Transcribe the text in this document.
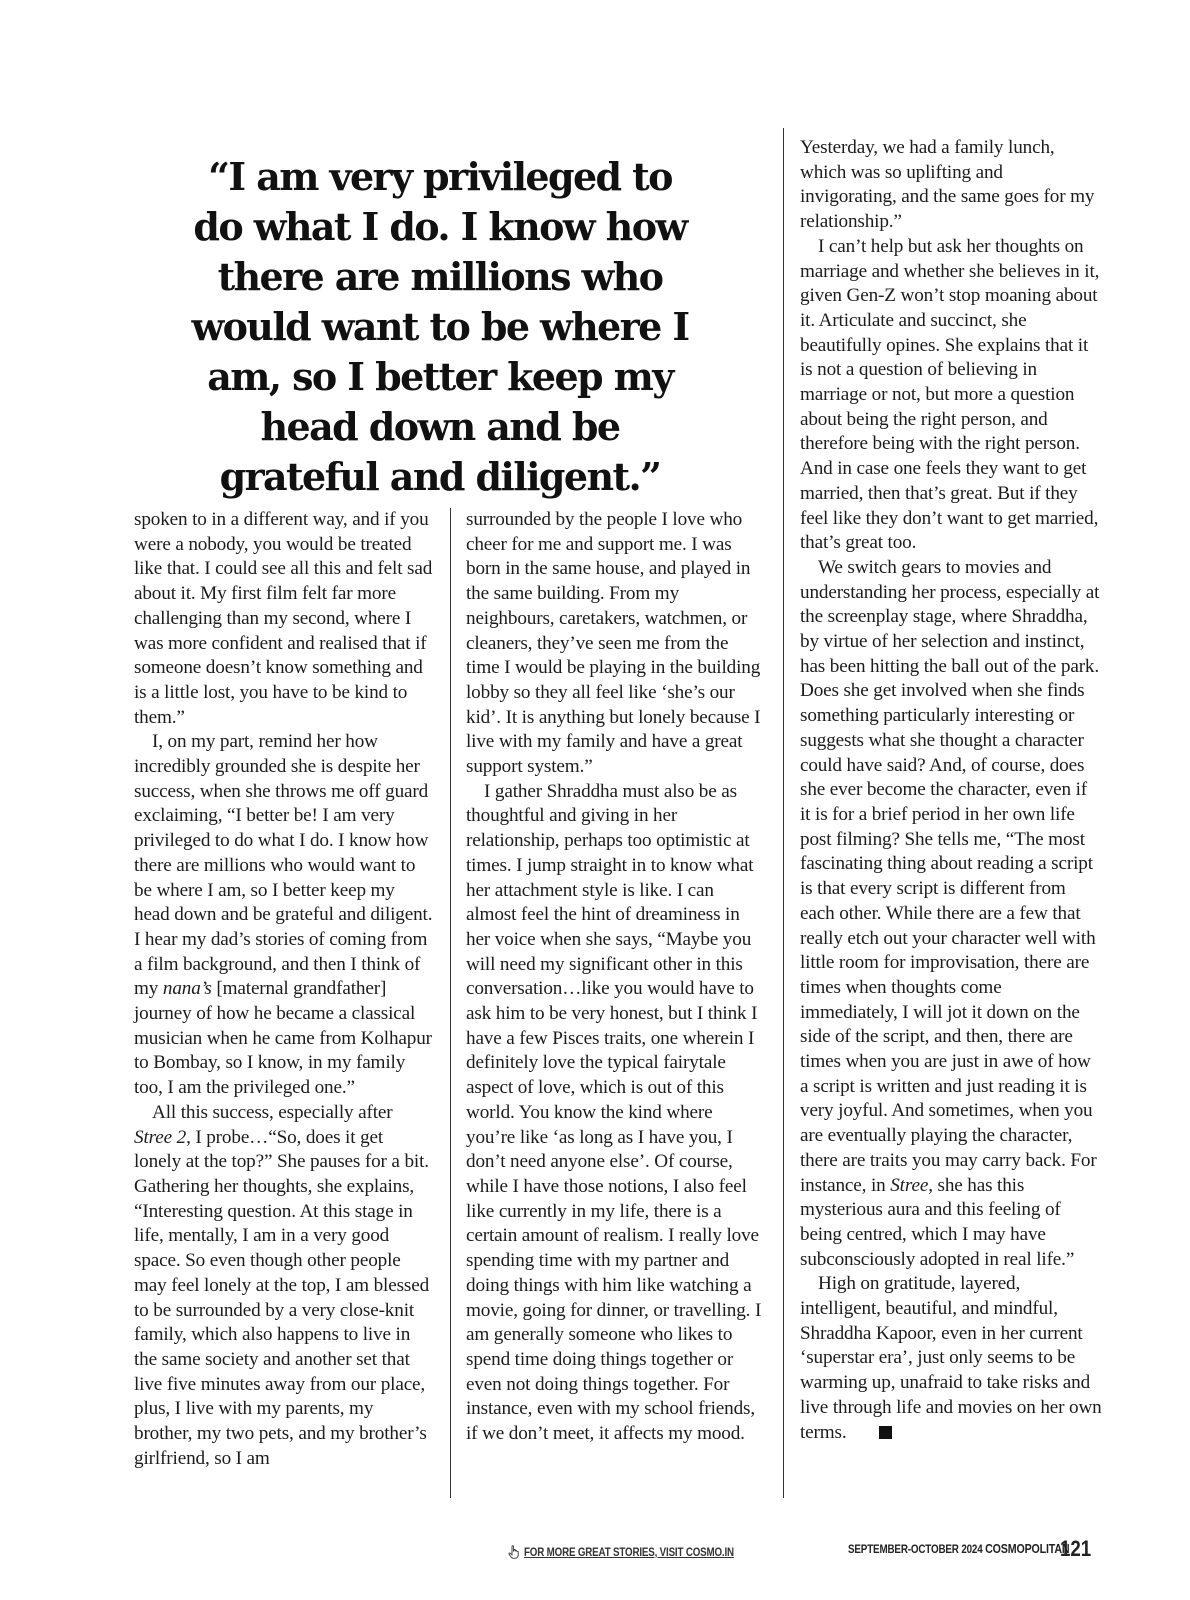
“I am very privileged to do what I do. I know how there are millions who would want to be where I am, so I better keep my head down and be grateful and diligent.”

spoken to in a different way, and if you were a nobody, you would be treated like that. I could see all this and felt sad about it. My first film felt far more challenging than my second, where I was more confident and realised that if someone doesn’t know something and is a little lost, you have to be kind to them.”

I, on my part, remind her how incredibly grounded she is despite her success, when she throws me off guard exclaiming, “I better be! I am very privileged to do what I do. I know how there are millions who would want to be where I am, so I better keep my head down and be grateful and diligent. I hear my dad’s stories of coming from a film background, and then I think of my nana’s [maternal grandfather] journey of how he became a classical musician when he came from Kolhapur to Bombay, so I know, in my family too, I am the privileged one.”

All this success, especially after Stree 2, I probe…“So, does it get lonely at the top?” She pauses for a bit. Gathering her thoughts, she explains, “Interesting question. At this stage in life, mentally, I am in a very good space. So even though other people may feel lonely at the top, I am blessed to be surrounded by a very close-knit family, which also happens to live in the same society and another set that live five minutes away from our place, plus, I live with my parents, my brother, my two pets, and my brother’s girlfriend, so I am

surrounded by the people I love who cheer for me and support me. I was born in the same house, and played in the same building. From my neighbours, caretakers, watchmen, or cleaners, they’ve seen me from the time I would be playing in the building lobby so they all feel like ‘she’s our kid’. It is anything but lonely because I live with my family and have a great support system.”

I gather Shraddha must also be as thoughtful and giving in her relationship, perhaps too optimistic at times. I jump straight in to know what her attachment style is like. I can almost feel the hint of dreaminess in her voice when she says, “Maybe you will need my significant other in this conversation…like you would have to ask him to be very honest, but I think I have a few Pisces traits, one wherein I definitely love the typical fairytale aspect of love, which is out of this world. You know the kind where you’re like ‘as long as I have you, I don’t need anyone else’. Of course, while I have those notions, I also feel like currently in my life, there is a certain amount of realism. I really love spending time with my partner and doing things with him like watching a movie, going for dinner, or travelling. I am generally someone who likes to spend time doing things together or even not doing things together. For instance, even with my school friends, if we don’t meet, it affects my mood.

Yesterday, we had a family lunch, which was so uplifting and invigorating, and the same goes for my relationship.”

I can’t help but ask her thoughts on marriage and whether she believes in it, given Gen-Z won’t stop moaning about it. Articulate and succinct, she beautifully opines. She explains that it is not a question of believing in marriage or not, but more a question about being the right person, and therefore being with the right person. And in case one feels they want to get married, then that’s great. But if they feel like they don’t want to get married, that’s great too.

We switch gears to movies and understanding her process, especially at the screenplay stage, where Shraddha, by virtue of her selection and instinct, has been hitting the ball out of the park. Does she get involved when she finds something particularly interesting or suggests what she thought a character could have said? And, of course, does she ever become the character, even if it is for a brief period in her own life post filming? She tells me, “The most fascinating thing about reading a script is that every script is different from each other. While there are a few that really etch out your character well with little room for improvisation, there are times when thoughts come immediately, I will jot it down on the side of the script, and then, there are times when you are just in awe of how a script is written and just reading it is very joyful. And sometimes, when you are eventually playing the character, there are traits you may carry back. For instance, in Stree, she has this mysterious aura and this feeling of being centred, which I may have subconsciously adopted in real life.”

High on gratitude, layered, intelligent, beautiful, and mindful, Shraddha Kapoor, even in her current ‘superstar era’, just only seems to be warming up, unafraid to take risks and live through life and movies on her own terms.

FOR MORE GREAT STORIES, VISIT COSMO.IN	SEPTEMBER-OCTOBER 2024 COSMOPOLITAN
121
